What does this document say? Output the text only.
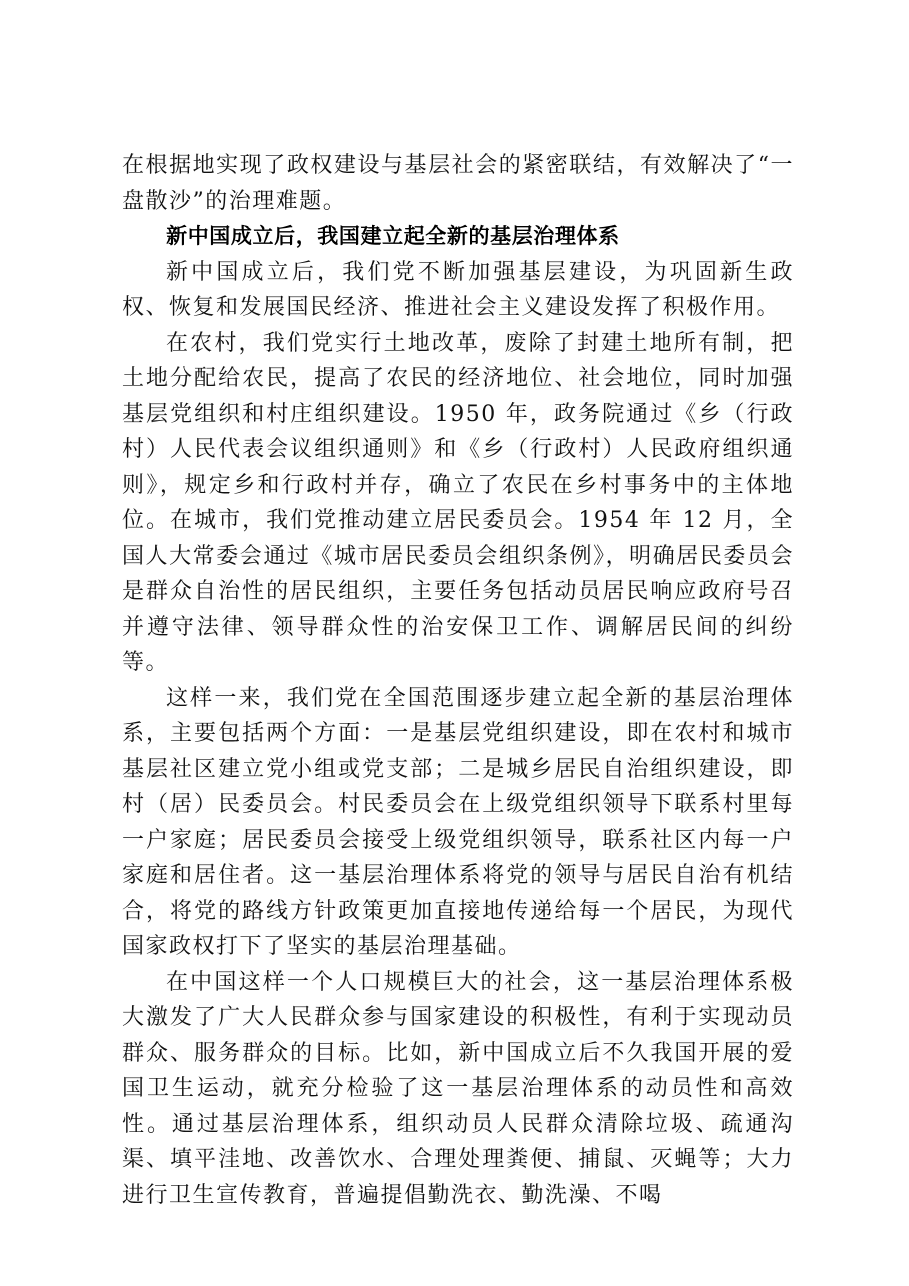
在根据地实现了政权建设与基层社会的紧密联结，有效解决了“一盘散沙”的治理难题。

新中国成立后，我国建立起全新的基层治理体系

新中国成立后，我们党不断加强基层建设，为巩固新生政权、恢复和发展国民经济、推进社会主义建设发挥了积极作用。

在农村，我们党实行土地改革，废除了封建土地所有制，把土地分配给农民，提高了农民的经济地位、社会地位，同时加强基层党组织和村庄组织建设。1950 年，政务院通过《乡（行政村）人民代表会议组织通则》和《乡（行政村）人民政府组织通则》，规定乡和行政村并存，确立了农民在乡村事务中的主体地位。在城市，我们党推动建立居民委员会。1954 年 12 月，全国人大常委会通过《城市居民委员会组织条例》，明确居民委员会是群众自治性的居民组织，主要任务包括动员居民响应政府号召并遵守法律、领导群众性的治安保卫工作、调解居民间的纠纷等。

这样一来，我们党在全国范围逐步建立起全新的基层治理体系，主要包括两个方面：一是基层党组织建设，即在农村和城市基层社区建立党小组或党支部；二是城乡居民自治组织建设，即村（居）民委员会。村民委员会在上级党组织领导下联系村里每一户家庭；居民委员会接受上级党组织领导，联系社区内每一户家庭和居住者。这一基层治理体系将党的领导与居民自治有机结合，将党的路线方针政策更加直接地传递给每一个居民，为现代国家政权打下了坚实的基层治理基础。

在中国这样一个人口规模巨大的社会，这一基层治理体系极大激发了广大人民群众参与国家建设的积极性，有利于实现动员群众、服务群众的目标。比如，新中国成立后不久我国开展的爱国卫生运动，就充分检验了这一基层治理体系的动员性和高效性。通过基层治理体系，组织动员人民群众清除垃圾、疏通沟渠、填平洼地、改善饮水、合理处理粪便、捕鼠、灭蝇等；大力进行卫生宣传教育，普遍提倡勤洗衣、勤洗澡、不喝
